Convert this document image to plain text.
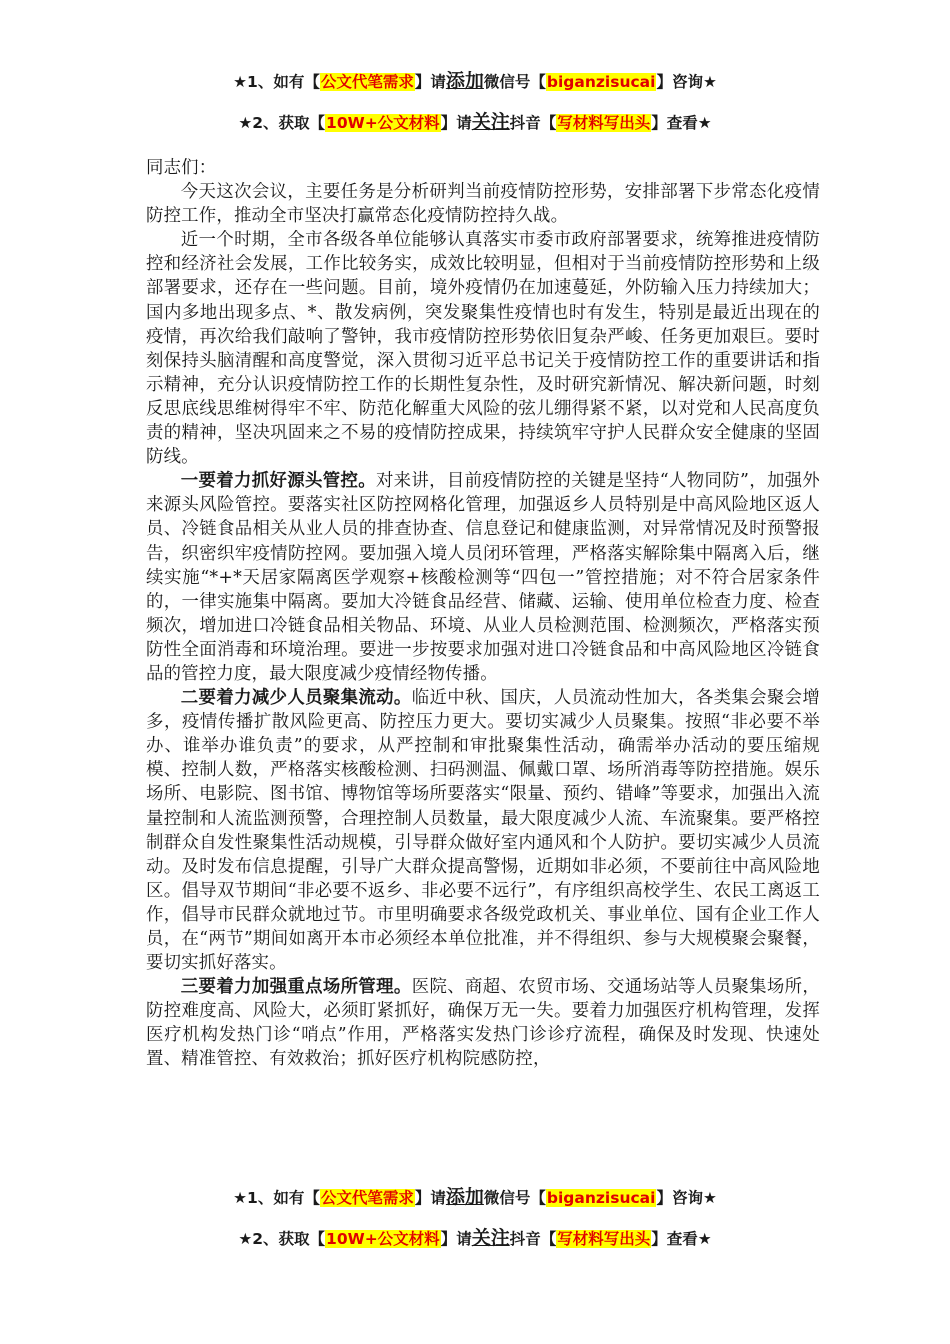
★1、如有【公文代笔需求】请添加微信号【biganzisucai】咨询★
★2、获取【10W+公文材料】请关注抖音【写材料写出头】查看★

同志们：

今天这次会议，主要任务是分析研判当前疫情防控形势，安排部署下步常态化疫情防控工作，推动全市坚决打赢常态化疫情防控持久战。

近一个时期，全市各级各单位能够认真落实市委市政府部署要求，统筹推进疫情防控和经济社会发展，工作比较务实，成效比较明显，但相对于当前疫情防控形势和上级部署要求，还存在一些问题。目前，境外疫情仍在加速蔓延，外防输入压力持续加大；国内多地出现多点、*、散发病例，突发聚集性疫情也时有发生，特别是最近出现在的疫情，再次给我们敲响了警钟，我市疫情防控形势依旧复杂严峻、任务更加艰巨。要时刻保持头脑清醒和高度警觉，深入贯彻习近平总书记关于疫情防控工作的重要讲话和指示精神，充分认识疫情防控工作的长期性复杂性，及时研究新情况、解决新问题，时刻反思底线思维树得牢不牢、防范化解重大风险的弦儿绷得紧不紧，以对党和人民高度负责的精神，坚决巩固来之不易的疫情防控成果，持续筑牢守护人民群众安全健康的坚固防线。

一要着力抓好源头管控。对来讲，目前疫情防控的关键是坚持“人物同防”，加强外来源头风险管控。要落实社区防控网格化管理，加强返乡人员特别是中高风险地区返人员、冷链食品相关从业人员的排查协查、信息登记和健康监测，对异常情况及时预警报告，织密织牢疫情防控网。要加强入境人员闭环管理，严格落实解除集中隔离入后，继续实施“*+*天居家隔离医学观察+核酸检测等“四包一”管控措施；对不符合居家条件的，一律实施集中隔离。要加大冷链食品经营、储藏、运输、使用单位检查力度、检查频次，增加进口冷链食品相关物品、环境、从业人员检测范围、检测频次，严格落实预防性全面消毒和环境治理。要进一步按要求加强对进口冷链食品和中高风险地区冷链食品的管控力度，最大限度减少疫情经物传播。

二要着力减少人员聚集流动。临近中秋、国庆，人员流动性加大，各类集会聚会增多，疫情传播扩散风险更高、防控压力更大。要切实减少人员聚集。按照“非必要不举办、谁举办谁负责”的要求，从严控制和审批聚集性活动，确需举办活动的要压缩规模、控制人数，严格落实核酸检测、扫码测温、佩戴口罩、场所消毒等防控措施。娱乐场所、电影院、图书馆、博物馆等场所要落实“限量、预约、错峰”等要求，加强出入流量控制和人流监测预警，合理控制人员数量，最大限度减少人流、车流聚集。要严格控制群众自发性聚集性活动规模，引导群众做好室内通风和个人防护。要切实减少人员流动。及时发布信息提醒，引导广大群众提高警惕，近期如非必须，不要前往中高风险地区。倡导双节期间“非必要不返乡、非必要不远行”，有序组织高校学生、农民工离返工作，倡导市民群众就地过节。市里明确要求各级党政机关、事业单位、国有企业工作人员，在“两节”期间如离开本市必须经本单位批准，并不得组织、参与大规模聚会聚餐，要切实抓好落实。

三要着力加强重点场所管理。医院、商超、农贸市场、交通场站等人员聚集场所，防控难度高、风险大，必须盯紧抓好，确保万无一失。要着力加强医疗机构管理，发挥医疗机构发热门诊“哨点”作用，严格落实发热门诊诊疗流程，确保及时发现、快速处置、精准管控、有效救治；抓好医疗机构院感防控，

★1、如有【公文代笔需求】请添加微信号【biganzisucai】咨询★
★2、获取【10W+公文材料】请关注抖音【写材料写出头】查看★
